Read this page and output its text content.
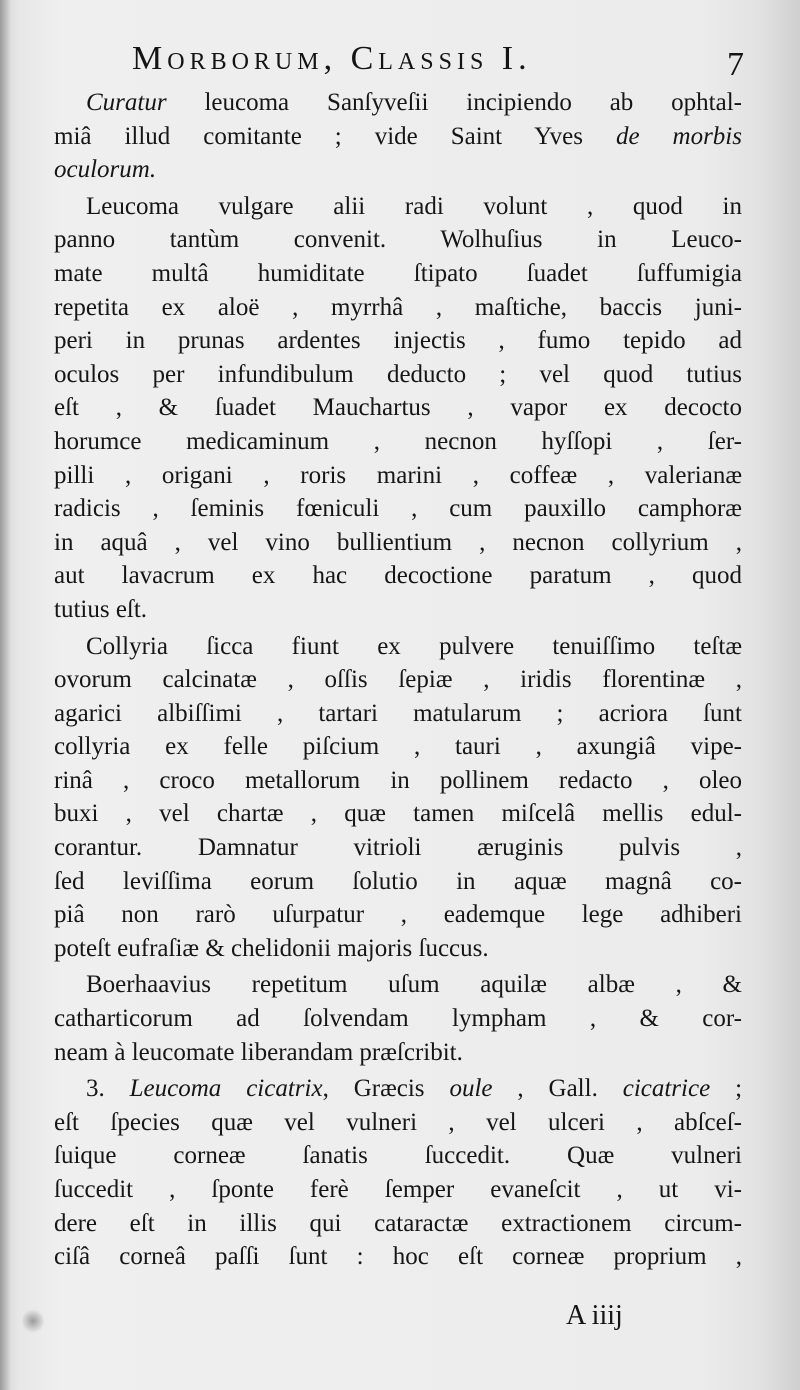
Morborum, Classis I.	7
Curatur leucoma Sanſyveſii incipiendo ab ophtal-
miâ illud comitante ; vide Saint Yves de morbis
oculorum.
Leucoma vulgare alii radi volunt , quod in
panno tantùm convenit. Wolhuſius in Leuco-
mate multâ humiditate ſtipato ſuadet ſuffumigia
repetita ex aloë , myrrhâ , maſtiche, baccis juni-
peri in prunas ardentes injectis , fumo tepido ad
oculos per infundibulum deducto ; vel quod tutius
eſt , & ſuadet Mauchartus , vapor ex decocto
horumce medicaminum , necnon hyſſopi , ſer-
pilli , origani , roris marini , coffeæ , valerianæ
radicis , ſeminis fœniculi , cum pauxillo camphoræ
in aquâ , vel vino bullientium , necnon collyrium ,
aut lavacrum ex hac decoctione paratum , quod
tutius eſt.
Collyria ſicca fiunt ex pulvere tenuiſſimo teſtæ
ovorum calcinatæ , oſſis ſepiæ , iridis florentinæ ,
agarici albiſſimi , tartari matularum ; acriora ſunt
collyria ex felle piſcium , tauri , axungiâ vipe-
rinâ , croco metallorum in pollinem redacto , oleo
buxi , vel chartæ , quæ tamen miſcelâ mellis edul-
corantur. Damnatur vitrioli æruginis pulvis ,
ſed leviſſima eorum ſolutio in aquæ magnâ co-
piâ non rarò uſurpatur , eademque lege adhiberi
poteſt eufraſiæ & chelidonii majoris ſuccus.
Boerhaavius repetitum uſum aquilæ albæ , &
catharticorum ad ſolvendam lympham , & cor-
neam à leucomate liberandam præſcribit.
3. Leucoma cicatrix, Græcis oule , Gall. cicatrice ;
eſt ſpecies quæ vel vulneri , vel ulceri , abſceſ-
ſuique corneæ ſanatis ſuccedit. Quæ vulneri
ſuccedit , ſponte ferè ſemper evaneſcit , ut vi-
dere eſt in illis qui cataractæ extractionem circum-
ciſâ corneâ paſſi ſunt : hoc eſt corneæ proprium ,
A iiij
